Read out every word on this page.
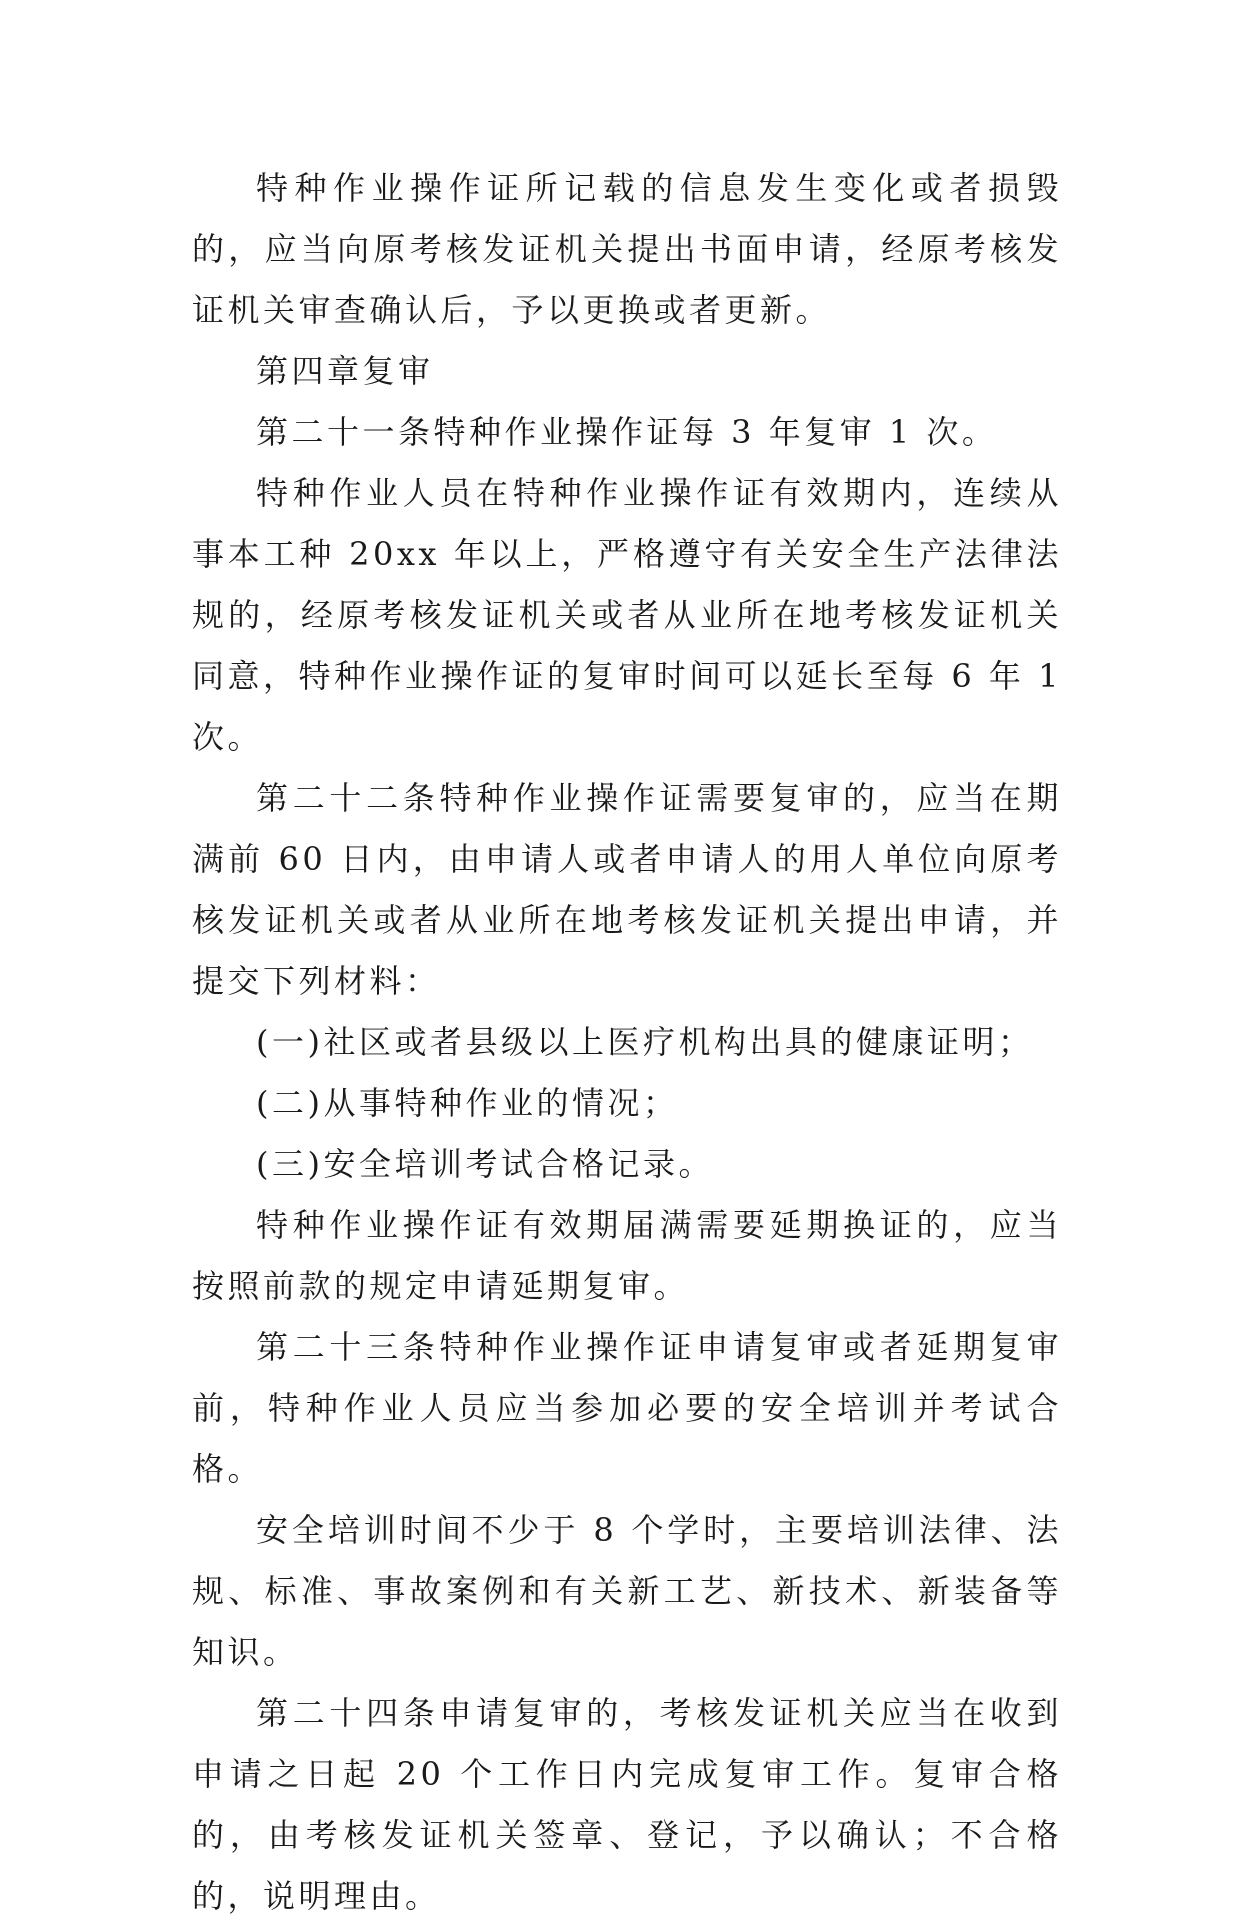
特种作业操作证所记载的信息发生变化或者损毁的，应当向原考核发证机关提出书面申请，经原考核发证机关审查确认后，予以更换或者更新。

第四章复审

第二十一条特种作业操作证每 3 年复审 1 次。

特种作业人员在特种作业操作证有效期内，连续从事本工种 20xx 年以上，严格遵守有关安全生产法律法规的，经原考核发证机关或者从业所在地考核发证机关同意，特种作业操作证的复审时间可以延长至每 6 年 1 次。

第二十二条特种作业操作证需要复审的，应当在期满前 60 日内，由申请人或者申请人的用人单位向原考核发证机关或者从业所在地考核发证机关提出申请，并提交下列材料：

(一)社区或者县级以上医疗机构出具的健康证明；

(二)从事特种作业的情况；

(三)安全培训考试合格记录。

特种作业操作证有效期届满需要延期换证的，应当按照前款的规定申请延期复审。

第二十三条特种作业操作证申请复审或者延期复审前，特种作业人员应当参加必要的安全培训并考试合格。

安全培训时间不少于 8 个学时，主要培训法律、法规、标准、事故案例和有关新工艺、新技术、新装备等知识。

第二十四条申请复审的，考核发证机关应当在收到申请之日起 20 个工作日内完成复审工作。复审合格的，由考核发证机关签章、登记，予以确认；不合格的，说明理由。
